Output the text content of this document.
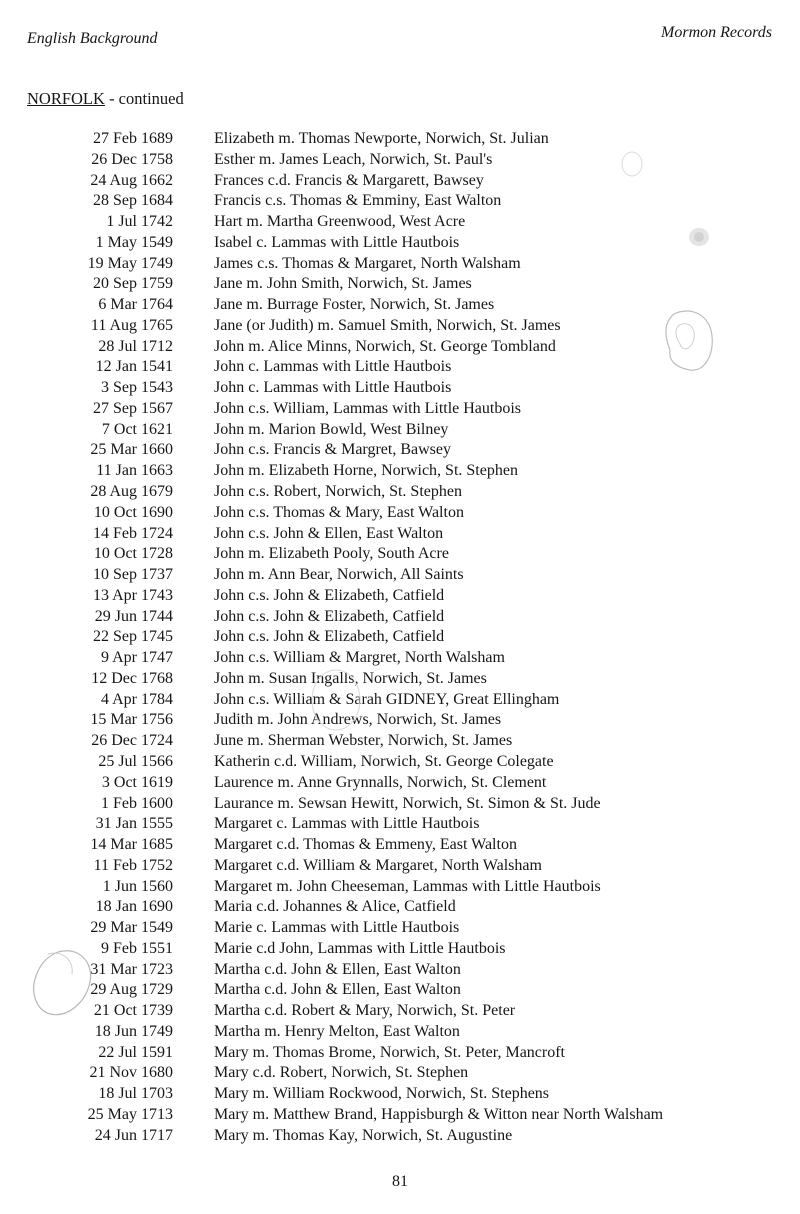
English Background	Mormon Records
NORFOLK - continued
27 Feb 1689	Elizabeth m. Thomas Newporte, Norwich, St. Julian
26 Dec 1758	Esther m. James Leach, Norwich, St. Paul's
24 Aug 1662	Frances c.d. Francis & Margarett, Bawsey
28 Sep 1684	Francis c.s. Thomas & Emminy, East Walton
1 Jul 1742	Hart m. Martha Greenwood, West Acre
1 May 1549	Isabel c. Lammas with Little Hautbois
19 May 1749	James c.s. Thomas & Margaret, North Walsham
20 Sep 1759	Jane m. John Smith, Norwich, St. James
6 Mar 1764	Jane m. Burrage Foster, Norwich, St. James
11 Aug 1765	Jane (or Judith) m. Samuel Smith, Norwich, St. James
28 Jul 1712	John m. Alice Minns, Norwich, St. George Tombland
12 Jan 1541	John c. Lammas with Little Hautbois
3 Sep 1543	John c. Lammas with Little Hautbois
27 Sep 1567	John c.s. William, Lammas with Little Hautbois
7 Oct 1621	John m. Marion Bowld, West Bilney
25 Mar 1660	John c.s. Francis & Margret, Bawsey
11 Jan 1663	John m. Elizabeth Horne, Norwich, St. Stephen
28 Aug 1679	John c.s. Robert, Norwich, St. Stephen
10 Oct 1690	John c.s. Thomas & Mary, East Walton
14 Feb 1724	John c.s. John & Ellen, East Walton
10 Oct 1728	John m. Elizabeth Pooly, South Acre
10 Sep 1737	John m. Ann Bear, Norwich, All Saints
13 Apr 1743	John c.s. John & Elizabeth, Catfield
29 Jun 1744	John c.s. John & Elizabeth, Catfield
22 Sep 1745	John c.s. John & Elizabeth, Catfield
9 Apr 1747	John c.s. William & Margret, North Walsham
12 Dec 1768	John m. Susan Ingalls, Norwich, St. James
4 Apr 1784	John c.s. William & Sarah GIDNEY, Great Ellingham
15 Mar 1756	Judith m. John Andrews, Norwich, St. James
26 Dec 1724	June m. Sherman Webster, Norwich, St. James
25 Jul 1566	Katherin c.d. William, Norwich, St. George Colegate
3 Oct 1619	Laurence m. Anne Grynnalls, Norwich, St. Clement
1 Feb 1600	Laurance m. Sewsan Hewitt, Norwich, St. Simon & St. Jude
31 Jan 1555	Margaret c. Lammas with Little Hautbois
14 Mar 1685	Margaret c.d. Thomas & Emmeny, East Walton
11 Feb 1752	Margaret c.d. William & Margaret, North Walsham
1 Jun 1560	Margaret m. John Cheeseman, Lammas with Little Hautbois
18 Jan 1690	Maria c.d. Johannes & Alice, Catfield
29 Mar 1549	Marie c. Lammas with Little Hautbois
9 Feb 1551	Marie c.d John, Lammas with Little Hautbois
31 Mar 1723	Martha c.d. John & Ellen, East Walton
29 Aug 1729	Martha c.d. John & Ellen, East Walton
21 Oct 1739	Martha c.d. Robert & Mary, Norwich, St. Peter
18 Jun 1749	Martha m. Henry Melton, East Walton
22 Jul 1591	Mary m. Thomas Brome, Norwich, St. Peter, Mancroft
21 Nov 1680	Mary c.d. Robert, Norwich, St. Stephen
18 Jul 1703	Mary m. William Rockwood, Norwich, St. Stephens
25 May 1713	Mary m. Matthew Brand, Happisburgh & Witton near North Walsham
24 Jun 1717	Mary m. Thomas Kay, Norwich, St. Augustine
81
